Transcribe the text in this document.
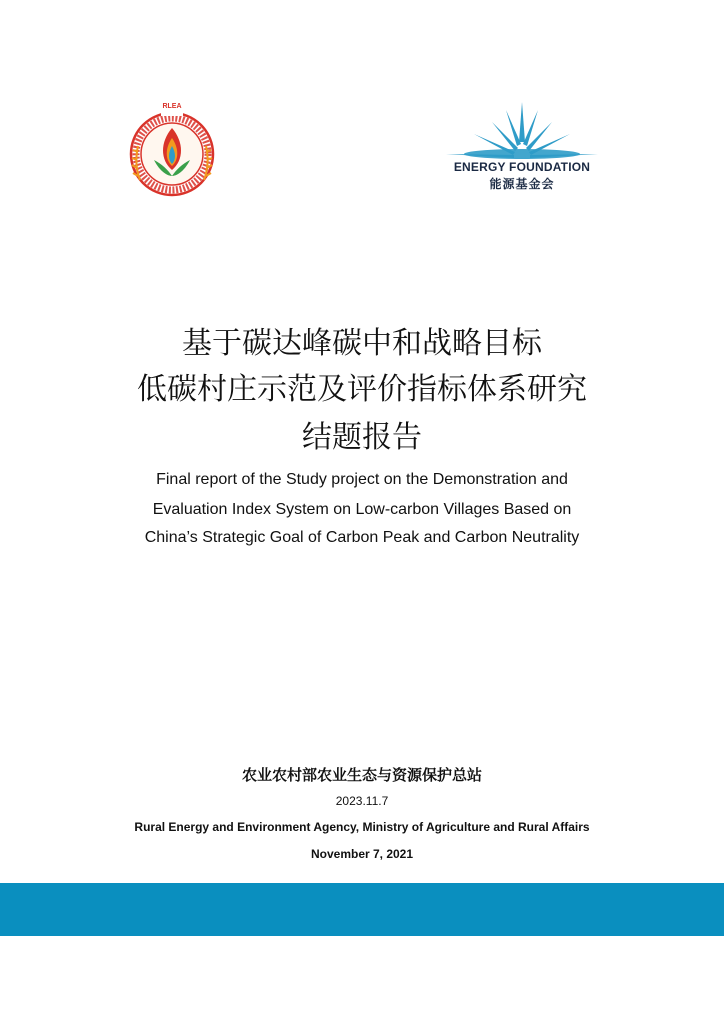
RLEA
ENERGY FOUNDATION
能源基金会
基于碳达峰碳中和战略目标
低碳村庄示范及评价指标体系研究
结题报告
Final report of the Study project on the Demonstration and
Evaluation Index System on Low-carbon Villages Based on
China’s Strategic Goal of Carbon Peak and Carbon Neutrality
农业农村部农业生态与资源保护总站
2023.11.7
Rural Energy and Environment Agency, Ministry of Agriculture and Rural Affairs
November 7, 2021
